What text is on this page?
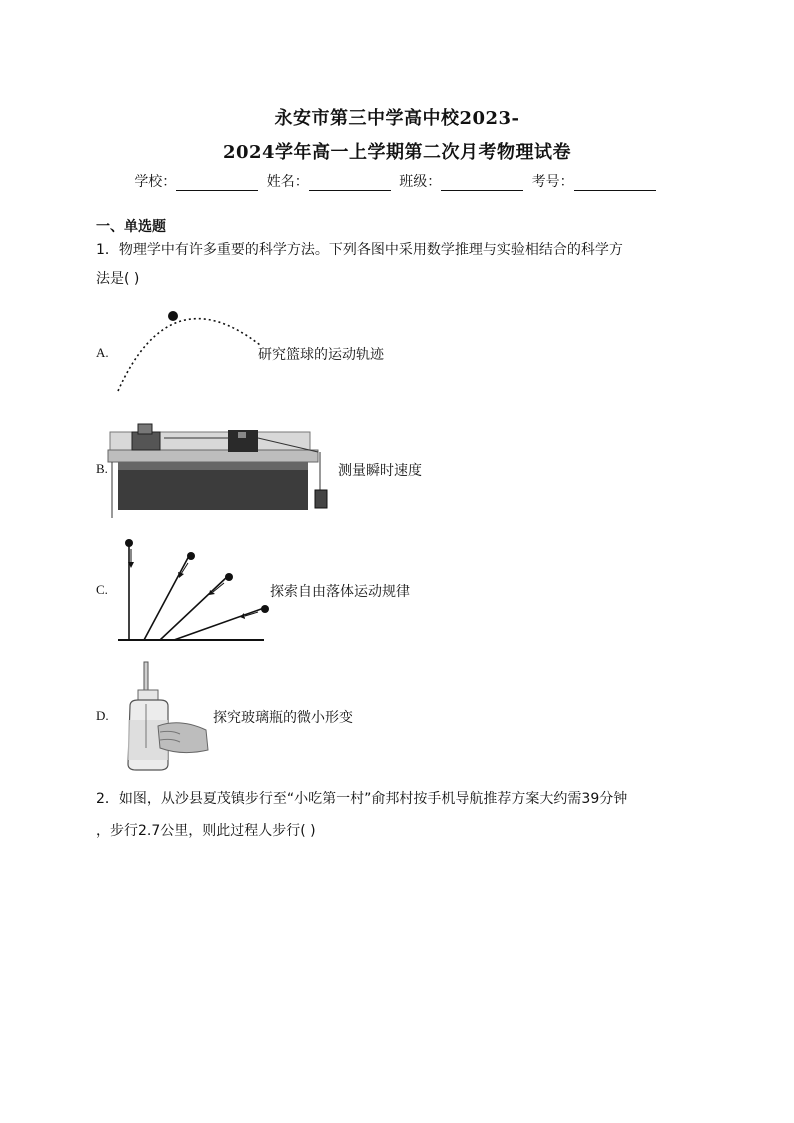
永安市第三中学高中校2023-
2024学年高一上学期第二次月考物理试卷
学校：	姓名：	班级：	考号：
一、单选题
1．物理学中有许多重要的科学方法。下列各图中采用数学推理与实验相结合的科学方
法是( )
A.	研究篮球的运动轨迹
B.	测量瞬时速度
C.	探索自由落体运动规律
D.	探究玻璃瓶的微小形变
2．如图，从沙县夏茂镇步行至“小吃第一村”俞邦村按手机导航推荐方案大约需39分钟
，步行2.7公里，则此过程人步行( )
